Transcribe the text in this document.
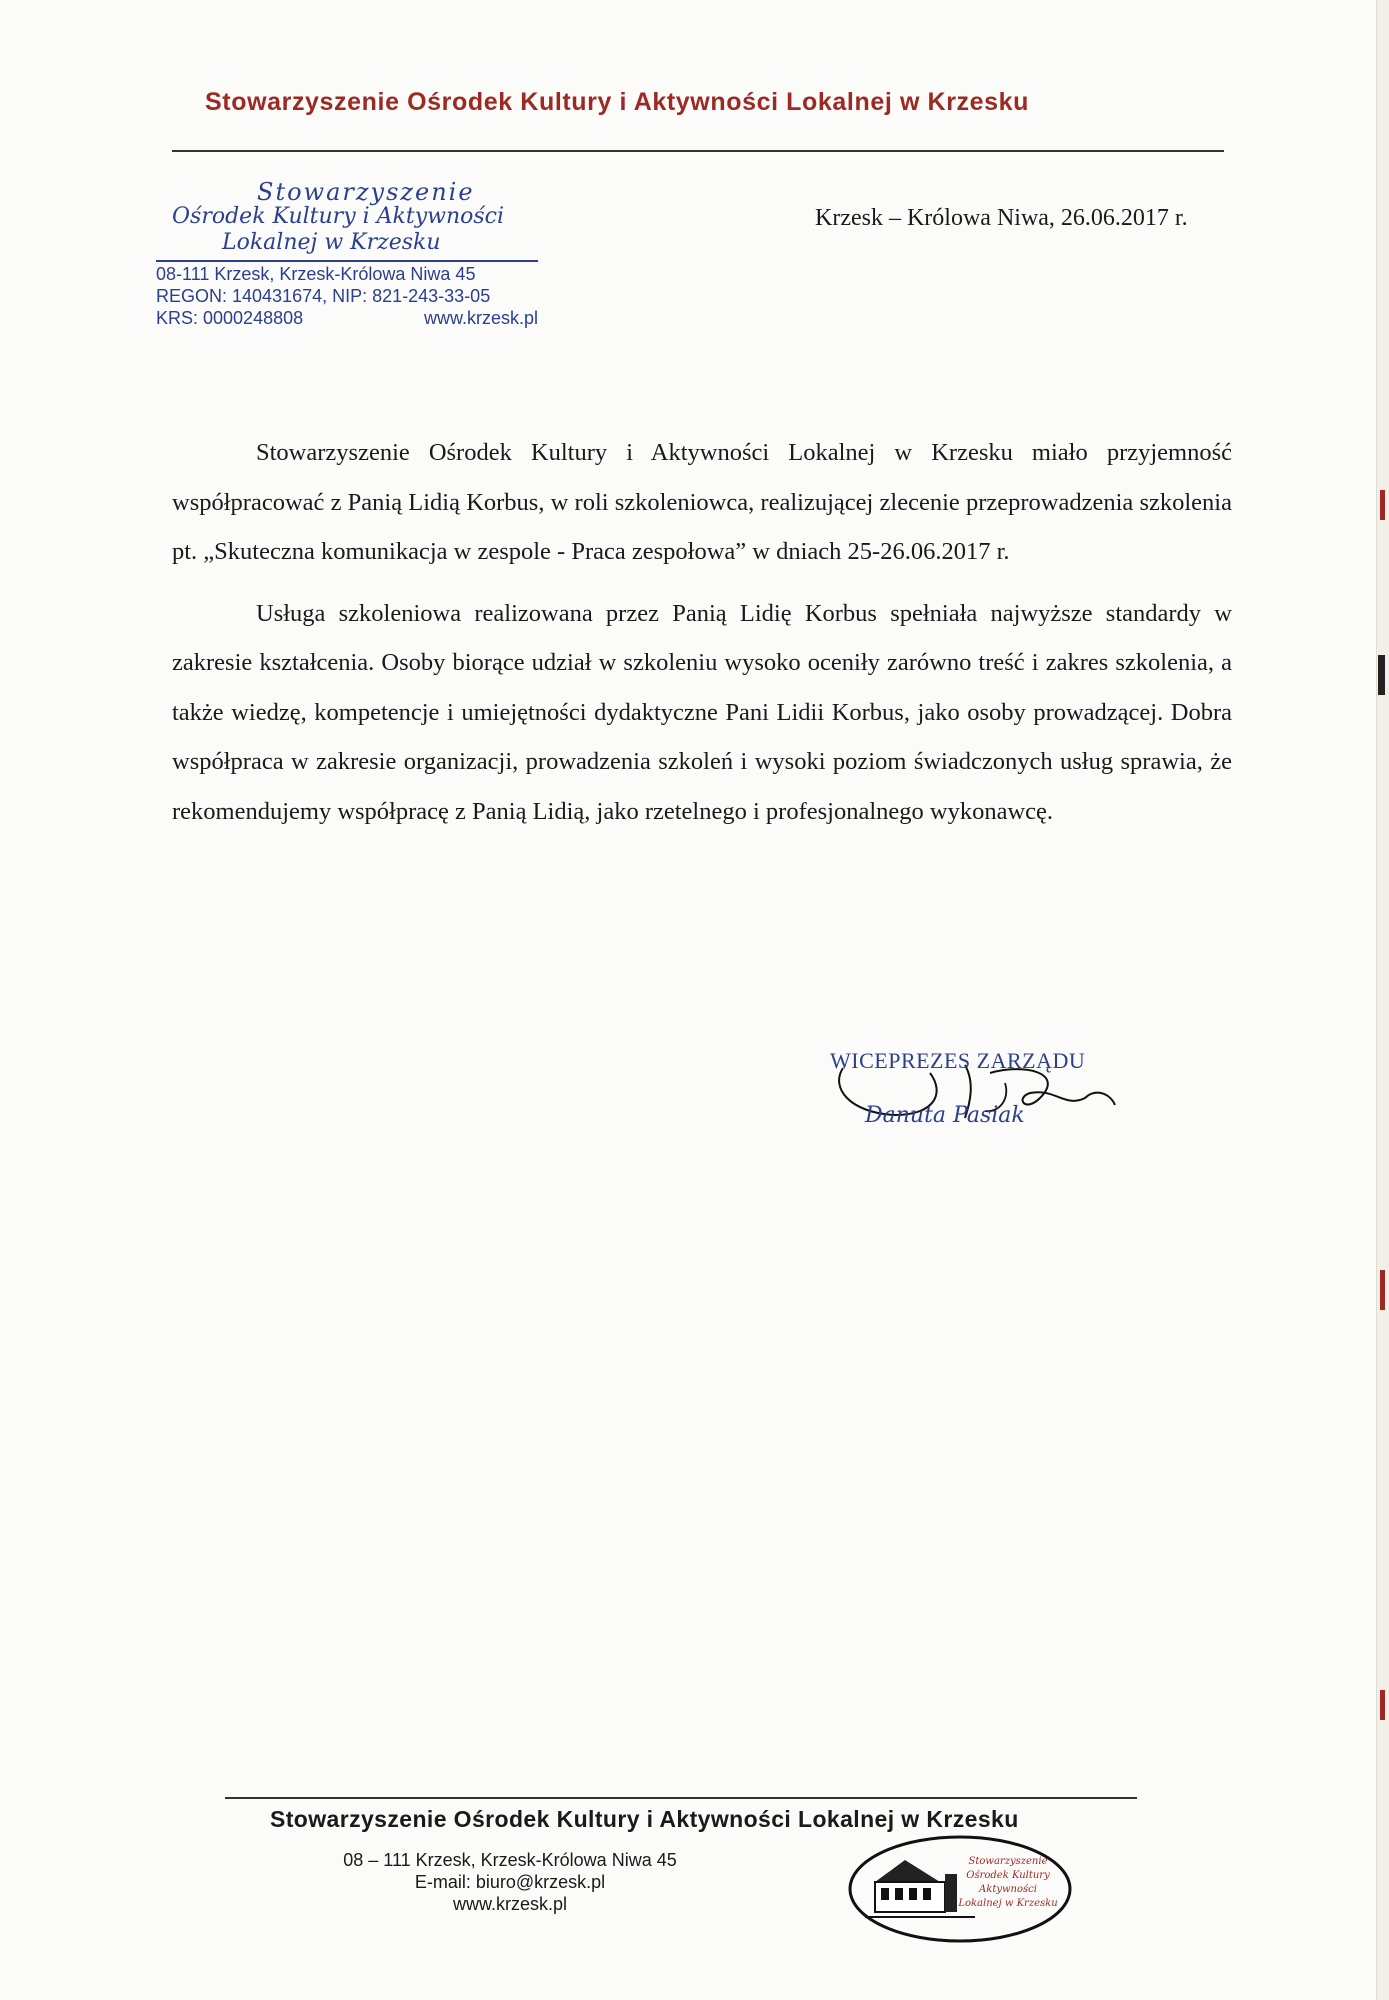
Stowarzyszenie Ośrodek Kultury i Aktywności Lokalnej w Krzesku
Stowarzyszenie
Ośrodek Kultury i Aktywności
Lokalnej w Krzesku
08-111 Krzesk, Krzesk-Królowa Niwa 45
REGON: 140431674, NIP: 821-243-33-05
KRS: 0000248808	www.krzesk.pl
Krzesk – Królowa Niwa, 26.06.2017 r.

Stowarzyszenie Ośrodek Kultury i Aktywności Lokalnej w Krzesku miało przyjemność współpracować z Panią Lidią Korbus, w roli szkoleniowca, realizującej zlecenie przeprowadzenia szkolenia pt. „Skuteczna komunikacja w zespole - Praca zespołowa” w dniach 25-26.06.2017 r.

Usługa szkoleniowa realizowana przez Panią Lidię Korbus spełniała najwyższe standardy w zakresie kształcenia. Osoby biorące udział w szkoleniu wysoko oceniły zarówno treść i zakres szkolenia, a także wiedzę, kompetencje i umiejętności dydaktyczne Pani Lidii Korbus, jako osoby prowadzącej. Dobra współpraca w zakresie organizacji, prowadzenia szkoleń i wysoki poziom świadczonych usług sprawia, że rekomendujemy współpracę z Panią Lidią, jako rzetelnego i profesjonalnego wykonawcę.

WICEPREZES ZARZĄDU
Danuta Pasiak
Stowarzyszenie Ośrodek Kultury i Aktywności Lokalnej w Krzesku
08 – 111 Krzesk, Krzesk-Królowa Niwa 45
E-mail: biuro@krzesk.pl
www.krzesk.pl
Stowarzyszenie Ośrodek Kultury Aktywności Lokalnej w Krzesku
